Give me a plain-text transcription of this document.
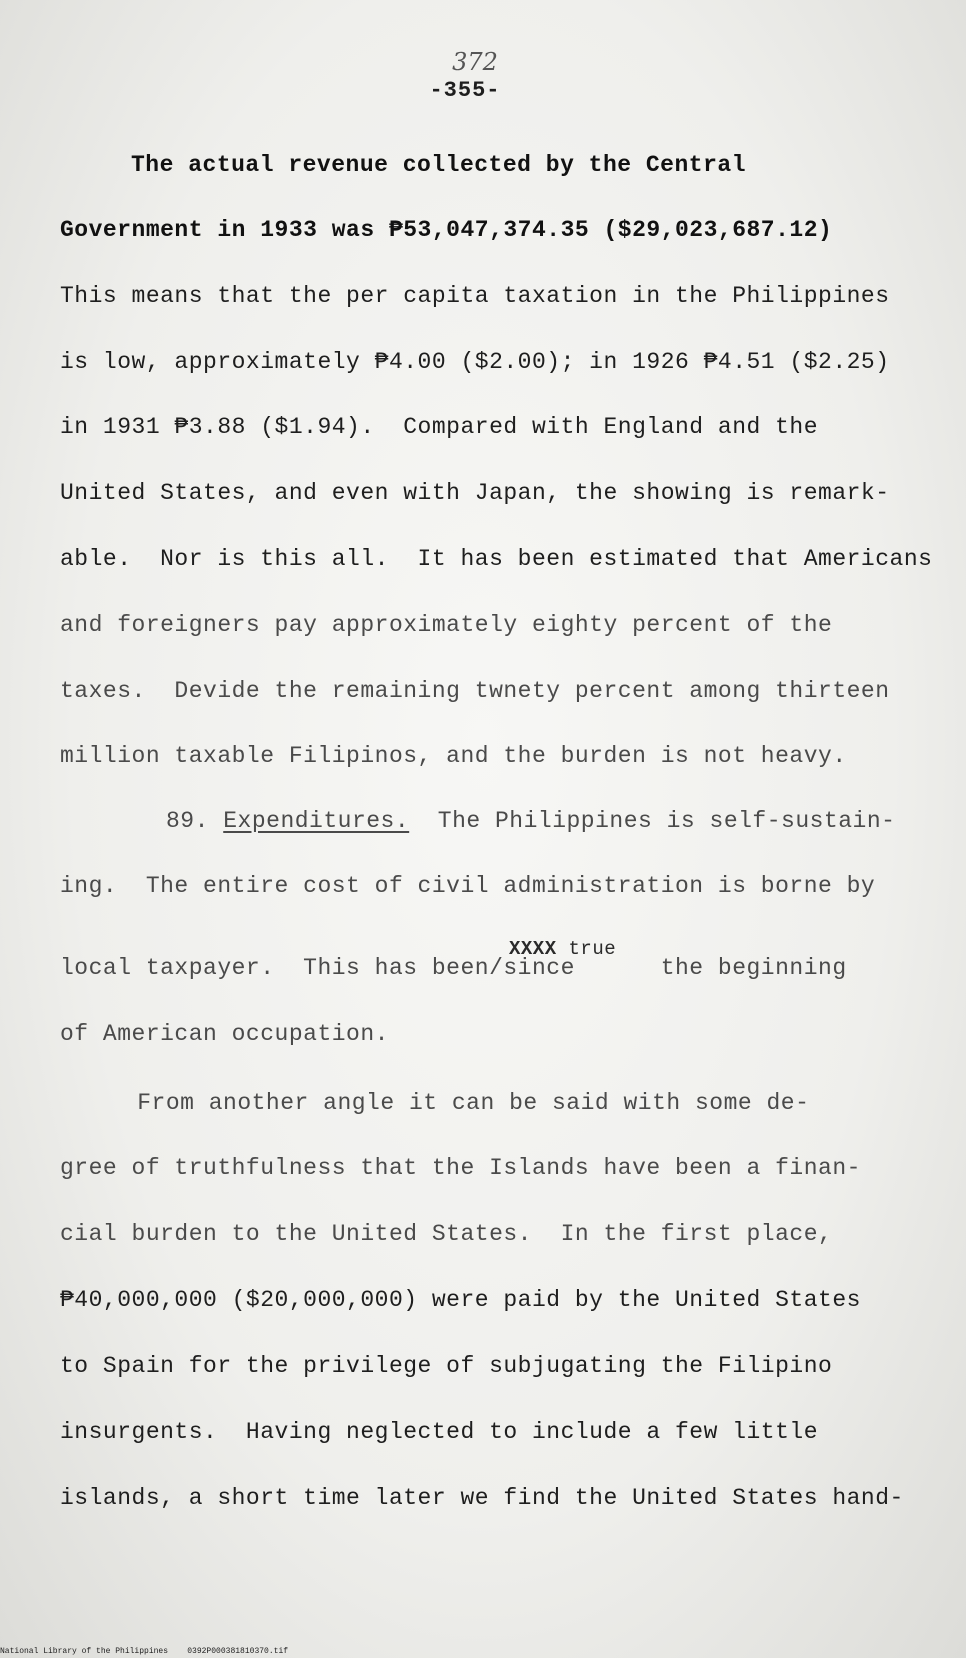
372
-355-
The actual revenue collected by the Central
Government in 1933 was ₱53,047,374.35 ($29,023,687.12)
This means that the per capita taxation in the Philippines
is low, approximately ₱4.00 ($2.00); in 1926 ₱4.51 ($2.25)
in 1931 ₱3.88 ($1.94).  Compared with England and the
United States, and even with Japan, the showing is remark-
able.  Nor is this all.  It has been estimated that Americans
and foreigners pay approximately eighty percent of the
taxes.  Devide the remaining twnety percent among thirteen
million taxable Filipinos, and the burden is not heavy.
89. Expenditures.  The Philippines is self-sustain-
ing.  The entire cost of civil administration is borne by
XXXX true
local taxpayer.  This has been/since      the beginning
of American occupation.
From another angle it can be said with some de-
gree of truthfulness that the Islands have been a finan-
cial burden to the United States.  In the first place,
₱40,000,000 ($20,000,000) were paid by the United States
to Spain for the privilege of subjugating the Filipino
insurgents.  Having neglected to include a few little
islands, a short time later we find the United States hand-
National Library of the Philippines    0392P000381810370.tif
